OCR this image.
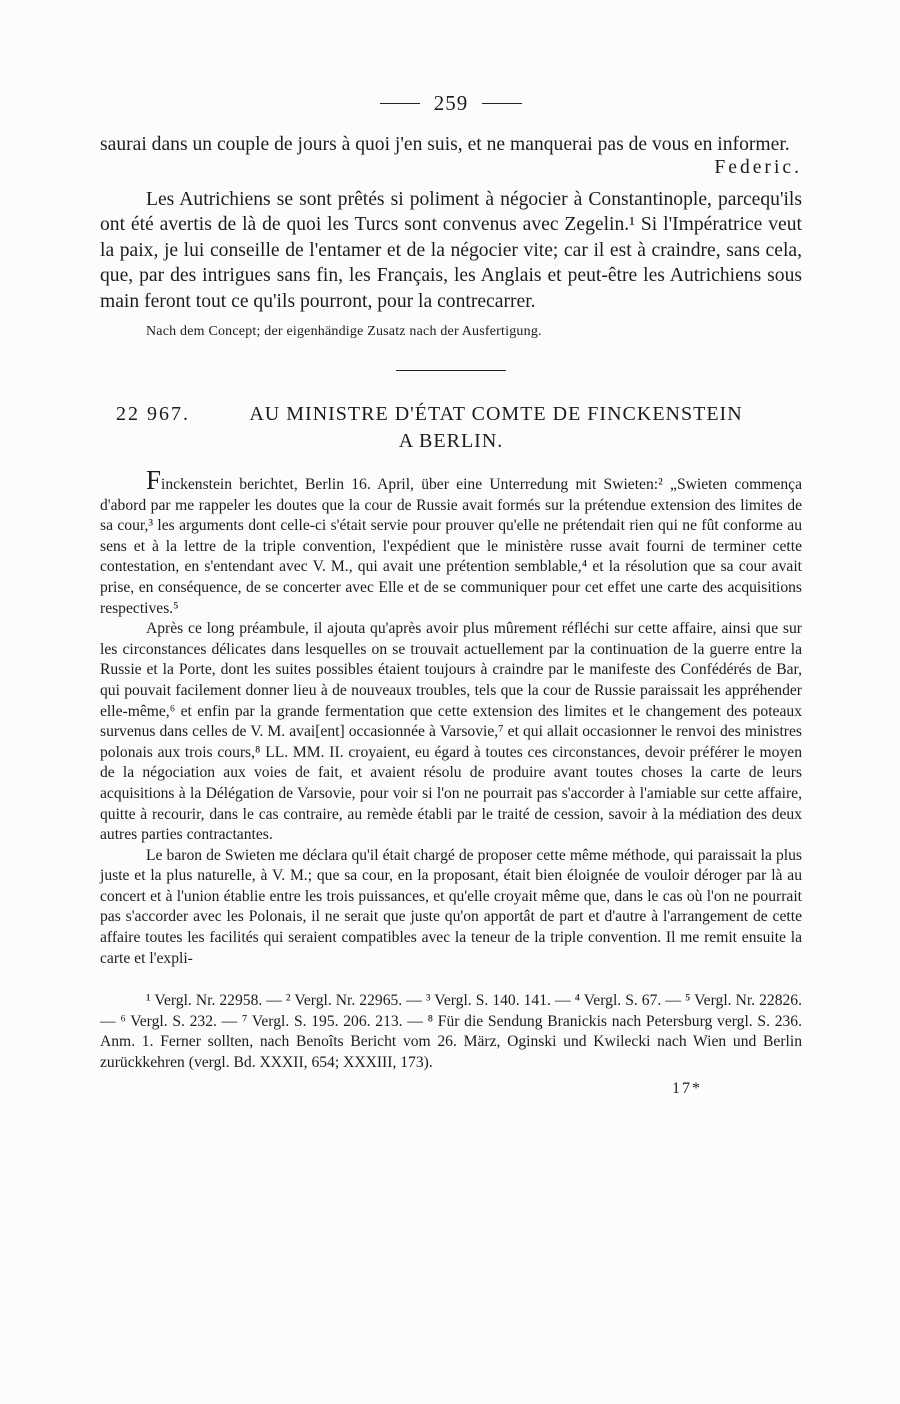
259

saurai dans un couple de jours à quoi j'en suis, et ne manquerai pas de vous en informer.

Federic.

Les Autrichiens se sont prêtés si poliment à négocier à Constantinople, parcequ'ils ont été avertis de là de quoi les Turcs sont convenus avec Zegelin.¹ Si l'Impératrice veut la paix, je lui conseille de l'entamer et de la négocier vite; car il est à craindre, sans cela, que, par des intrigues sans fin, les Français, les Anglais et peut-être les Autrichiens sous main feront tout ce qu'ils pourront, pour la contrecarrer.

Nach dem Concept; der eigenhändige Zusatz nach der Ausfertigung.
22 967.	AU MINISTRE D'ÉTAT COMTE DE FINCKENSTEIN
A BERLIN.

Finckenstein berichtet, Berlin 16. April, über eine Unterredung mit Swieten:² „Swieten commença d'abord par me rappeler les doutes que la cour de Russie avait formés sur la prétendue extension des limites de sa cour,³ les arguments dont celle-ci s'était servie pour prouver qu'elle ne prétendait rien qui ne fût conforme au sens et à la lettre de la triple convention, l'expédient que le ministère russe avait fourni de terminer cette contestation, en s'entendant avec V. M., qui avait une prétention semblable,⁴ et la résolution que sa cour avait prise, en conséquence, de se concerter avec Elle et de se communiquer pour cet effet une carte des acquisitions respectives.⁵

Après ce long préambule, il ajouta qu'après avoir plus mûrement réfléchi sur cette affaire, ainsi que sur les circonstances délicates dans lesquelles on se trouvait actuellement par la continuation de la guerre entre la Russie et la Porte, dont les suites possibles étaient toujours à craindre par le manifeste des Confédérés de Bar, qui pouvait facilement donner lieu à de nouveaux troubles, tels que la cour de Russie paraissait les appréhender elle-même,⁶ et enfin par la grande fermentation que cette extension des limites et le changement des poteaux survenus dans celles de V. M. avai[ent] occasionnée à Varsovie,⁷ et qui allait occasionner le renvoi des ministres polonais aux trois cours,⁸ LL. MM. II. croyaient, eu égard à toutes ces circonstances, devoir préférer le moyen de la négociation aux voies de fait, et avaient résolu de produire avant toutes choses la carte de leurs acquisitions à la Délégation de Varsovie, pour voir si l'on ne pourrait pas s'accorder à l'amiable sur cette affaire, quitte à recourir, dans le cas contraire, au remède établi par le traité de cession, savoir à la médiation des deux autres parties contractantes.

Le baron de Swieten me déclara qu'il était chargé de proposer cette même méthode, qui paraissait la plus juste et la plus naturelle, à V. M.; que sa cour, en la proposant, était bien éloignée de vouloir déroger par là au concert et à l'union établie entre les trois puissances, et qu'elle croyait même que, dans le cas où l'on ne pourrait pas s'accorder avec les Polonais, il ne serait que juste qu'on apportât de part et d'autre à l'arrangement de cette affaire toutes les facilités qui seraient compatibles avec la teneur de la triple convention. Il me remit ensuite la carte et l'expli-

¹ Vergl. Nr. 22958. — ² Vergl. Nr. 22965. — ³ Vergl. S. 140. 141. — ⁴ Vergl. S. 67. — ⁵ Vergl. Nr. 22826. — ⁶ Vergl. S. 232. — ⁷ Vergl. S. 195. 206. 213. — ⁸ Für die Sendung Branickis nach Petersburg vergl. S. 236. Anm. 1. Ferner sollten, nach Benoîts Bericht vom 26. März, Oginski und Kwilecki nach Wien und Berlin zurückkehren (vergl. Bd. XXXII, 654; XXXIII, 173).

17*
